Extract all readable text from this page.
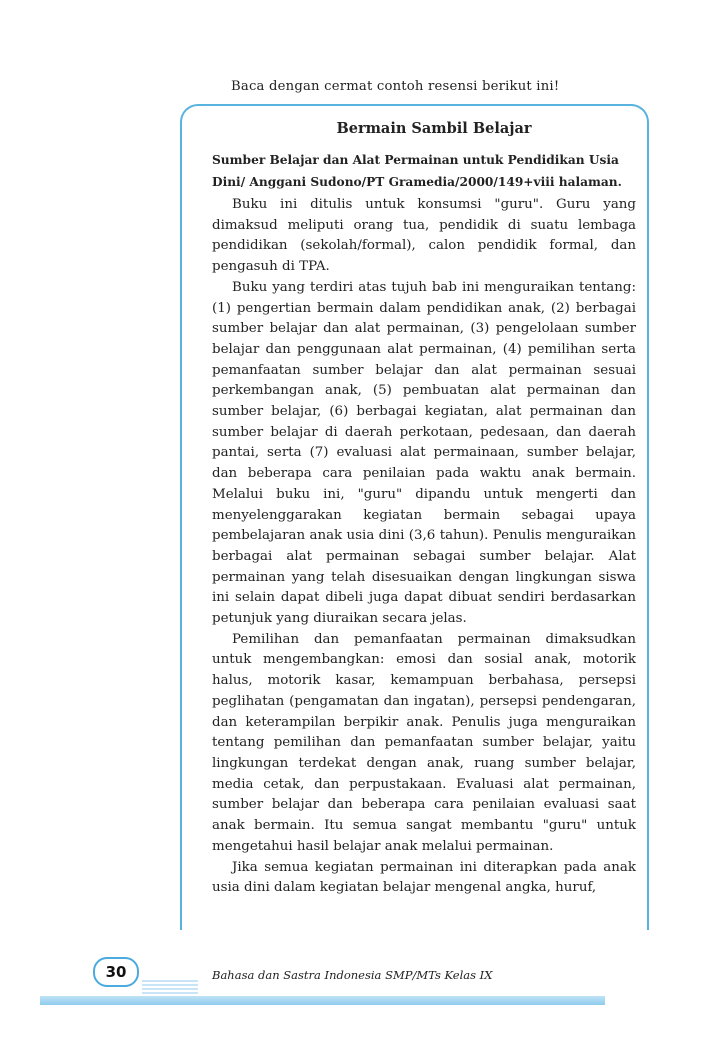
Baca dengan cermat contoh resensi berikut ini!

Bermain Sambil Belajar

Sumber Belajar dan Alat Permainan untuk Pendidikan Usia Dini/ Anggani Sudono/PT Gramedia/2000/149+viii halaman.

Buku ini ditulis untuk konsumsi "guru". Guru yang dimaksud meliputi orang tua, pendidik di suatu lembaga pendidikan (sekolah/formal), calon pendidik formal, dan pengasuh di TPA.

Buku yang terdiri atas tujuh bab ini menguraikan tentang: (1) pengertian bermain dalam pendidikan anak, (2) berbagai sumber belajar dan alat permainan, (3) pengelolaan sumber belajar dan penggunaan alat permainan, (4) pemilihan serta pemanfaatan sumber belajar dan alat permainan sesuai perkembangan anak, (5) pembuatan alat permainan dan sumber belajar, (6) berbagai kegiatan, alat permainan dan sumber belajar di daerah perkotaan, pedesaan, dan daerah pantai, serta (7) evaluasi alat permainaan, sumber belajar, dan beberapa cara penilaian pada waktu anak bermain. Melalui buku ini, "guru" dipandu untuk mengerti dan menyelenggarakan kegiatan bermain sebagai upaya pembelajaran anak usia dini (3,6 tahun). Penulis menguraikan berbagai alat permainan sebagai sumber belajar. Alat permainan yang telah disesuaikan dengan lingkungan siswa ini selain dapat dibeli juga dapat dibuat sendiri berdasarkan petunjuk yang diuraikan secara jelas.

Pemilihan dan pemanfaatan permainan dimaksudkan untuk mengembangkan: emosi dan sosial anak, motorik halus, motorik kasar, kemampuan berbahasa, persepsi peglihatan (pengamatan dan ingatan), persepsi pendengaran, dan keterampilan berpikir anak. Penulis juga menguraikan tentang pemilihan dan pemanfaatan sumber belajar, yaitu lingkungan terdekat dengan anak, ruang sumber belajar, media cetak, dan perpustakaan. Evaluasi alat permainan, sumber belajar dan beberapa cara penilaian evaluasi saat anak bermain. Itu semua sangat membantu "guru" untuk mengetahui hasil belajar anak melalui permainan.

Jika semua kegiatan permainan ini diterapkan pada anak usia dini dalam kegiatan belajar mengenal angka, huruf,

30	Bahasa dan Sastra Indonesia SMP/MTs Kelas IX
